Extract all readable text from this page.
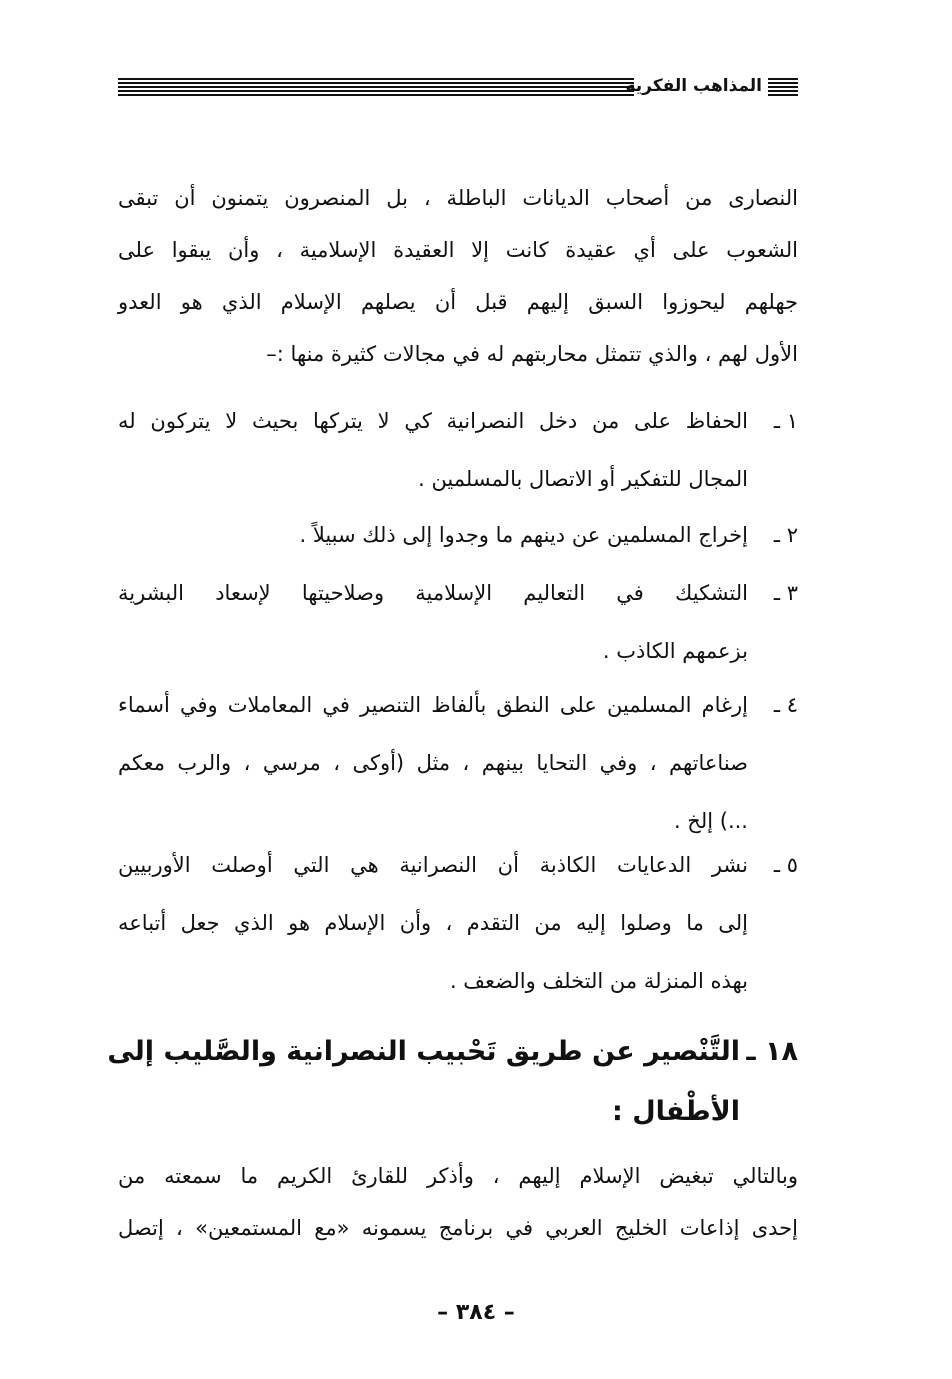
المذاهب الفكرية
النصارى من أصحاب الديانات الباطلة ، بل المنصرون يتمنون أن تبقى
الشعوب على أي عقيدة كانت إلا العقيدة الإسلامية ، وأن يبقوا على
جهلهم ليحوزوا السبق إليهم قبل أن يصلهم الإسلام الذي هو العدو
الأول لهم ، والذي تتمثل محاربتهم له في مجالات كثيرة منها :–
١ ـ
الحفاظ على من دخل النصرانية كي لا يتركها بحيث لا يتركون له
المجال للتفكير أو الاتصال بالمسلمين .
٢ ـ
إخراج المسلمين عن دينهم ما وجدوا إلى ذلك سبيلاً .
٣ ـ
التشكيك في التعاليم الإسلامية وصلاحيتها لإسعاد البشرية
بزعمهم الكاذب .
٤ ـ
إرغام المسلمين على النطق بألفاظ التنصير في المعاملات وفي أسماء
صناعاتهم ، وفي التحايا بينهم ، مثل (أوكى ، مرسي ، والرب معكم
...) إلخ .
٥ ـ
نشر الدعايات الكاذبة أن النصرانية هي التي أوصلت الأوربيين
إلى ما وصلوا إليه من التقدم ، وأن الإسلام هو الذي جعل أتباعه
بهذه المنزلة من التخلف والضعف .
١٨ ـ
التَّنْصير عن طريق تَحْبيب النصرانية والصَّليب إلى
الأطْفال :
وبالتالي تبغيض الإسلام إليهم ، وأذكر للقارئ الكريم ما سمعته من
إحدى إذاعات الخليج العربي في برنامج يسمونه «مع المستمعين» ، إتصل
– ٣٨٤ –
